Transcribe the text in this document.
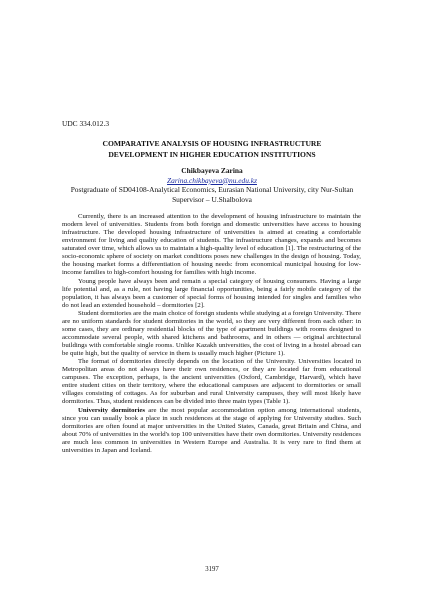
UDC 334.012.3
COMPARATIVE ANALYSIS OF HOUSING INFRASTRUCTURE
DEVELOPMENT IN HIGHER EDUCATION INSTITUTIONS
Chikbayeva Zarina
Zarina.chikbayeva@nu.edu.kz
Postgraduate of SD04108-Analytical Economics, Eurasian National University, city Nur-Sultan
Supervisor – U.Shalbolova

Currently, there is an increased attention to the development of housing infrastructure to maintain the modern level of universities. Students from both foreign and domestic universities have access to housing infrastructure. The developed housing infrastructure of universities is aimed at creating a comfortable environment for living and quality education of students. The infrastructure changes, expands and becomes saturated over time, which allows us to maintain a high-quality level of education [1]. The restructuring of the socio-economic sphere of society on market conditions poses new challenges in the design of housing. Today, the housing market forms a differentiation of housing needs: from economical municipal housing for low-income families to high-comfort housing for families with high income.

Young people have always been and remain a special category of housing consumers. Having a large life potential and, as a rule, not having large financial opportunities, being a fairly mobile category of the population, it has always been a customer of special forms of housing intended for singles and families who do not lead an extended household – dormitories [2].

Student dormitories are the main choice of foreign students while studying at a foreign University. There are no uniform standards for student dormitories in the world, so they are very different from each other: in some cases, they are ordinary residential blocks of the type of apartment buildings with rooms designed to accommodate several people, with shared kitchens and bathrooms, and in others — original architectural buildings with comfortable single rooms. Unlike Kazakh universities, the cost of living in a hostel abroad can be quite high, but the quality of service in them is usually much higher (Picture 1).

The format of dormitories directly depends on the location of the University. Universities located in Metropolitan areas do not always have their own residences, or they are located far from educational campuses. The exception, perhaps, is the ancient universities (Oxford, Cambridge, Harvard), which have entire student cities on their territory, where the educational campuses are adjacent to dormitories or small villages consisting of cottages. As for suburban and rural University campuses, they will most likely have dormitories. Thus, student residences can be divided into three main types (Table 1).

University dormitories are the most popular accommodation option among international students, since you can usually book a place in such residences at the stage of applying for University studies. Such dormitories are often found at major universities in the United States, Canada, great Britain and China, and about 70% of universities in the world's top 100 universities have their own dormitories. University residences are much less common in universities in Western Europe and Australia. It is very rare to find them at universities in Japan and Iceland.

3197
